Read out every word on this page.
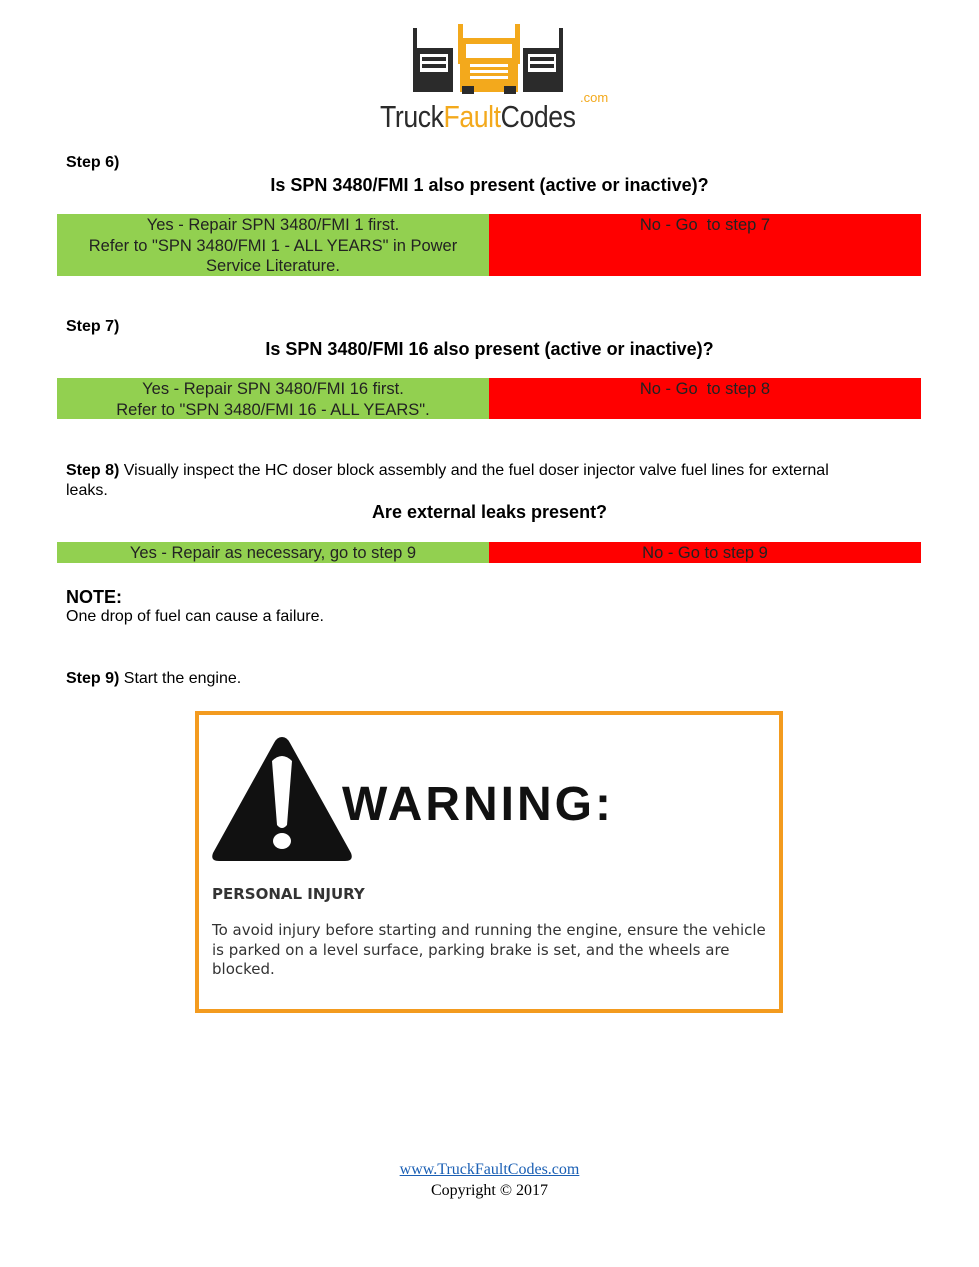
.com
TruckFaultCodes
Step 6)
Is SPN 3480/FMI 1 also present (active or inactive)?
Yes - Repair SPN 3480/FMI 1 first.
Refer to "SPN 3480/FMI 1 - ALL YEARS" in Power
Service Literature.
No - Go  to step 7
Step 7)
Is SPN 3480/FMI 16 also present (active or inactive)?
Yes - Repair SPN 3480/FMI 16 first.
Refer to "SPN 3480/FMI 16 - ALL YEARS".
No - Go  to step 8
Step 8) Visually inspect the HC doser block assembly and the fuel doser injector valve fuel lines for external
leaks.
Are external leaks present?
Yes - Repair as necessary, go to step 9	No - Go to step 9
NOTE:
One drop of fuel can cause a failure.
Step 9) Start the engine.
WARNING:
PERSONAL INJURY
To avoid injury before starting and running the engine, ensure the vehicle
is parked on a level surface, parking brake is set, and the wheels are
blocked.
www.TruckFaultCodes.com
Copyright © 2017
